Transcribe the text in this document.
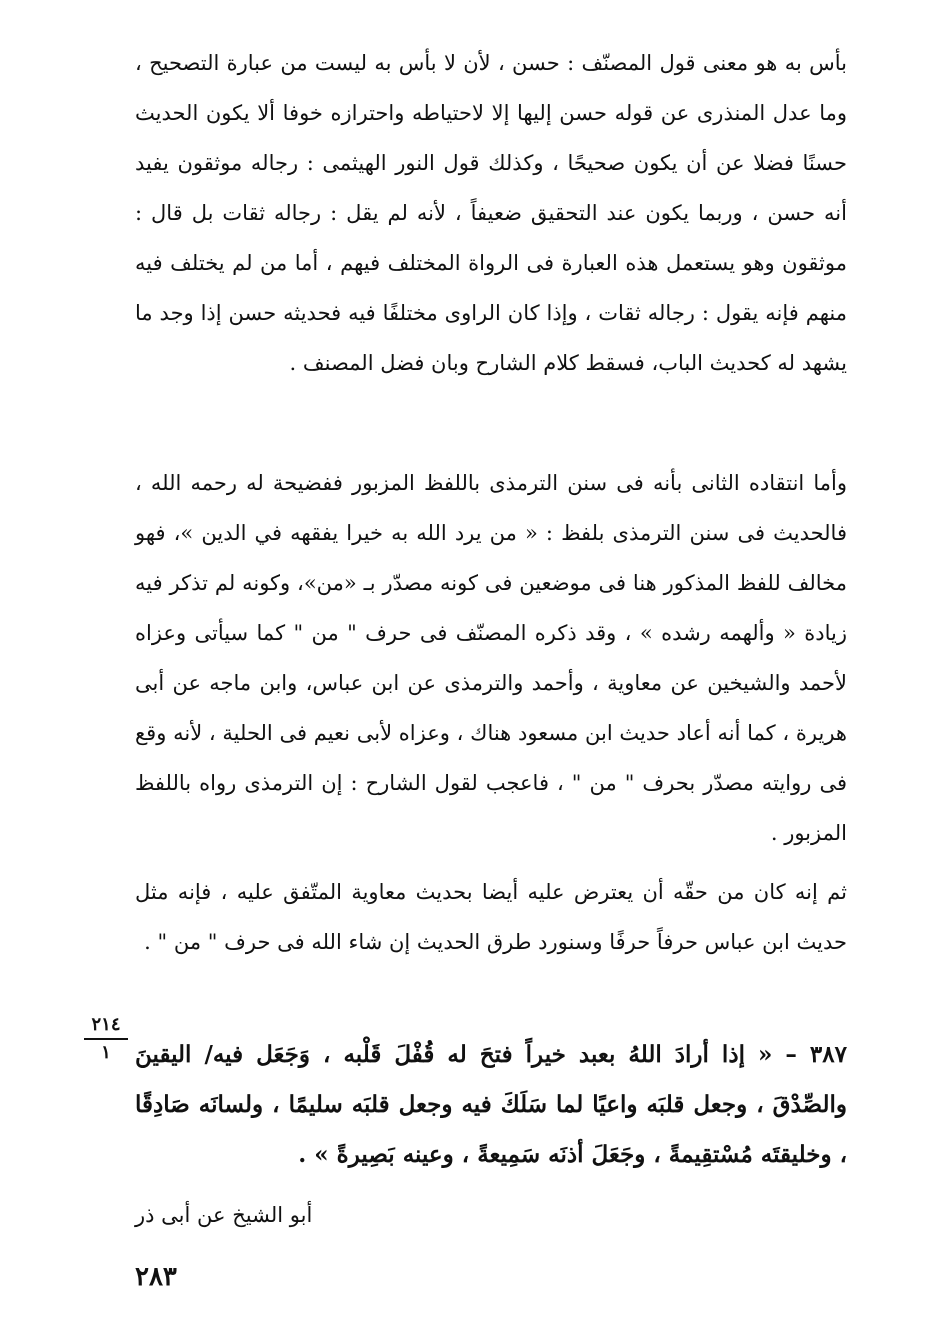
بأس به هو معنى قول المصنّف : حسن ، لأن لا بأس به ليست من عبارة التصحيح ، وما عدل المنذرى عن قوله حسن إليها إلا لاحتياطه واحترازه خوفا ألا يكون الحديث حسنًا فضلا عن أن يكون صحيحًا ، وكذلك قول النور الهيثمى : رجاله موثقون يفيد أنه حسن ، وربما يكون عند التحقيق ضعيفاً ، لأنه لم يقل : رجاله ثقات بل قال : موثقون وهو يستعمل هذه العبارة فى الرواة المختلف فيهم ، أما من لم يختلف فيه منهم فإنه يقول : رجاله ثقات ، وإذا كان الراوى مختلفًا فيه فحديثه حسن إذا وجد ما يشهد له كحديث الباب، فسقط كلام الشارح وبان فضل المصنف .

وأما انتقاده الثانى بأنه فى سنن الترمذى باللفظ المزبور ففضيحة له رحمه الله ، فالحديث فى سنن الترمذى بلفظ : « من يرد الله به خيرا يفقهه في الدين »، فهو مخالف للفظ المذكور هنا فى موضعين فى كونه مصدّر بـ «من»، وكونه لم تذكر فيه زيادة « وألهمه رشده » ، وقد ذكره المصنّف فى حرف " من " كما سيأتى وعزاه لأحمد والشيخين عن معاوية ، وأحمد والترمذى عن ابن عباس، وابن ماجه عن أبى هريرة ، كما أنه أعاد حديث ابن مسعود هناك ، وعزاه لأبى نعيم فى الحلية ، لأنه وقع فى روايته مصدّر بحرف " من " ، فاعجب لقول الشارح : إن الترمذى رواه باللفظ المزبور .

ثم إنه كان من حقّه أن يعترض عليه أيضا بحديث معاوية المتّفق عليه ، فإنه مثل حديث ابن عباس حرفاً حرفًا وسنورد طرق الحديث إن شاء الله فى حرف " من " .

٢١٤
١	٣٨٧ – « إذا أرادَ اللهُ بعبد خيراً فتحَ له قُفْلَ قَلْبه ، وَجَعَل فيه/ اليقينَ والصِّدْقَ ، وجعل قلبَه واعيًا لما سَلَكَ فيه وجعل قلبَه سليمًا ، ولسانَه صَادِقًا ، وخليقتَه مُسْتقِيمةً ، وجَعَلَ أذنَه سَمِيعةً ، وعينه بَصِيرةً » .

أبو الشيخ عن أبى ذر

٢٨٣
